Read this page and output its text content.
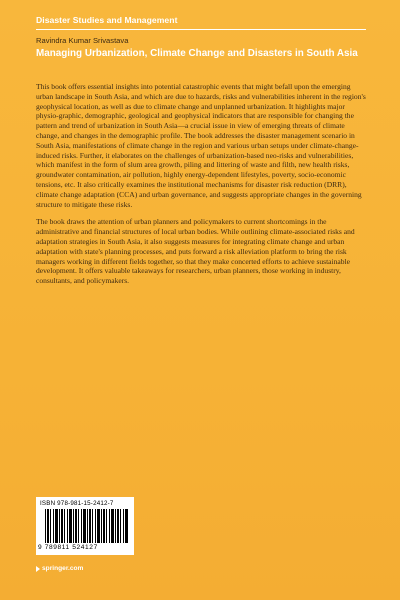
Disaster Studies and Management
Ravindra Kumar Srivastava
Managing Urbanization, Climate Change and Disasters in South Asia

This book offers essential insights into potential catastrophic events that might befall upon the emerging urban landscape in South Asia, and which are due to hazards, risks and vulnerabilities inherent in the region's geophysical location, as well as due to climate change and unplanned urbanization. It highlights major physio-graphic, demographic, geological and geophysical indicators that are responsible for changing the pattern and trend of urbanization in South Asia—a crucial issue in view of emerging threats of climate change, and changes in the demographic profile. The book addresses the disaster management scenario in South Asia, manifestations of climate change in the region and various urban setups under climate-change-induced risks. Further, it elaborates on the challenges of urbanization-based neo-risks and vulnerabilities, which manifest in the form of slum area growth, piling and littering of waste and filth, new health risks, groundwater contamination, air pollution, highly energy-dependent lifestyles, poverty, socio-economic tensions, etc. It also critically examines the institutional mechanisms for disaster risk reduction (DRR), climate change adaptation (CCA) and urban governance, and suggests appropriate changes in the governing structure to mitigate these risks.

The book draws the attention of urban planners and policymakers to current shortcomings in the administrative and financial structures of local urban bodies. While outlining climate-associated risks and adaptation strategies in South Asia, it also suggests measures for integrating climate change and urban adaptation with state's planning processes, and puts forward a risk alleviation platform to bring the risk managers working in different fields together, so that they make concerted efforts to achieve sustainable development. It offers valuable takeaways for researchers, urban planners, those working in industry, consultants, and policymakers.

ISBN 978-981-15-2412-7
9 789811 524127
springer.com
